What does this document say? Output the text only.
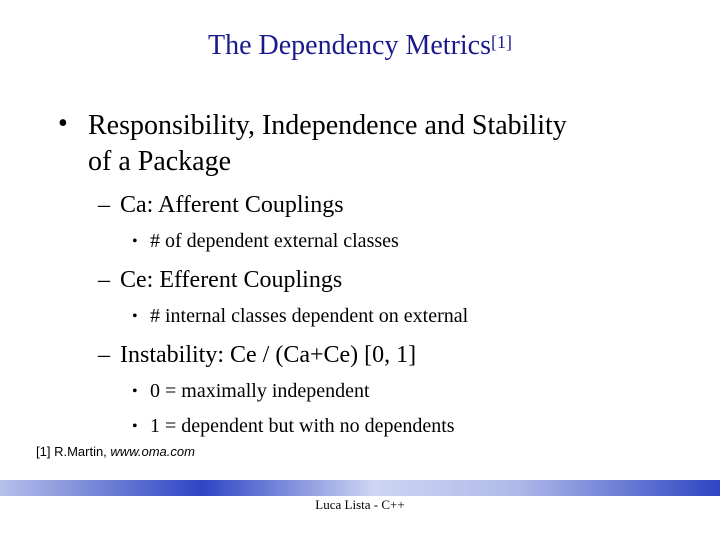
The Dependency Metrics[1]
• Responsibility, Independence and Stability
of a Package
– Ca: Afferent Couplings
• # of dependent external classes
– Ce: Efferent Couplings
• # internal classes dependent on external
– Instability: Ce / (Ca+Ce) [0, 1]
• 0 = maximally independent
• 1 = dependent but with no dependents
[1] R.Martin, www.oma.com
Luca Lista - C++
